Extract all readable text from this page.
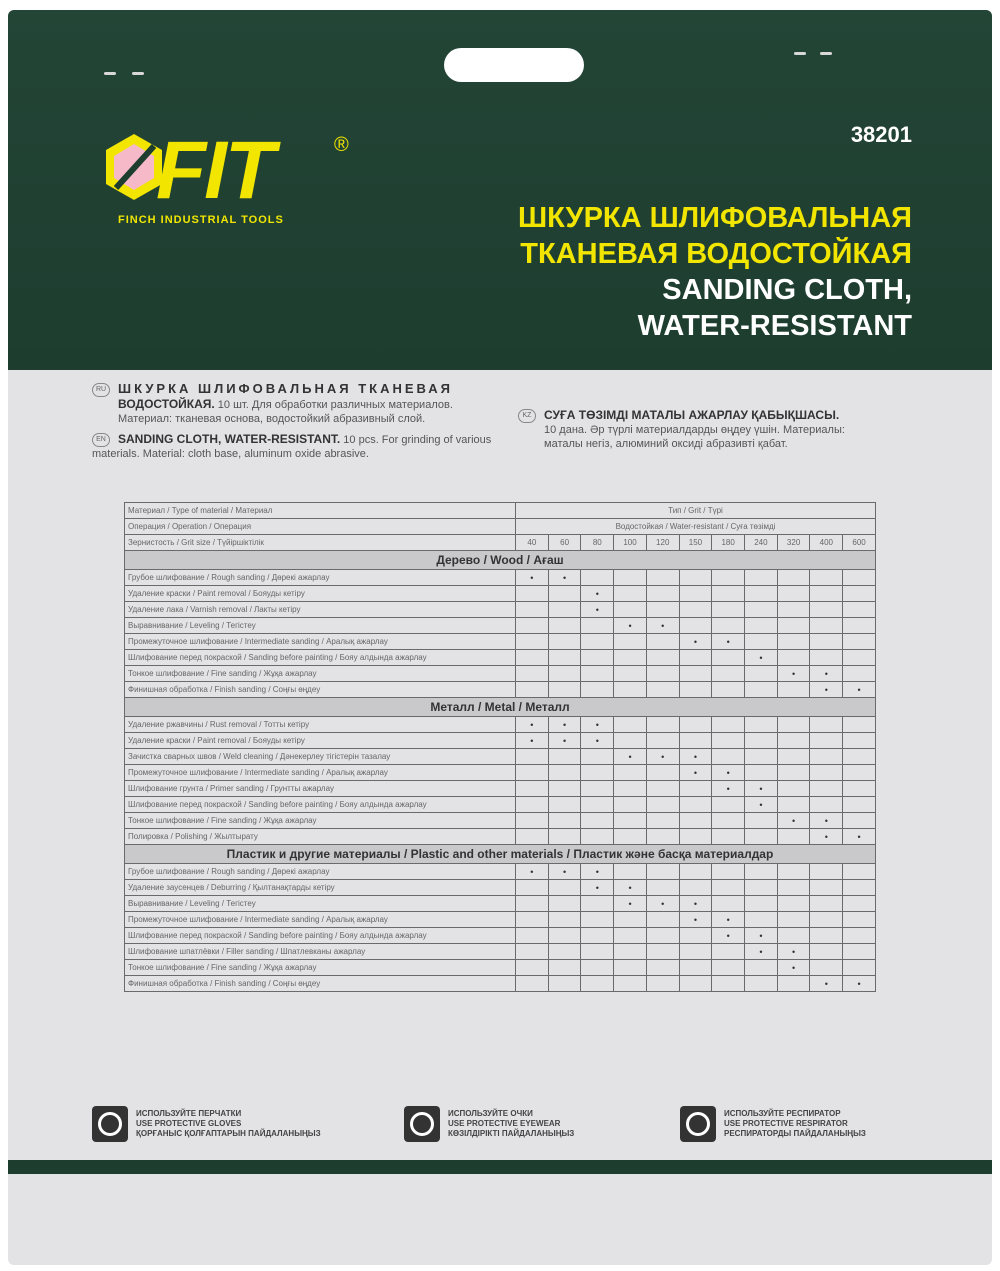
38201
FIT	®
FINCH INDUSTRIAL TOOLS	ШКУРКА ШЛИФОВАЛЬНАЯ
ТКАНЕВАЯ ВОДОСТОЙКАЯ
SANDING CLOTH,
WATER-RESISTANT
RU ШКУРКА ШЛИФОВАЛЬНАЯ ТКАНЕВАЯ
ВОДОСТОЙКАЯ. 10 шт. Для обработки различных материалов. Материал: тканевая основа, водостойкий абразивный слой.
EN SANDING CLOTH, WATER-RESISTANT. 10 pcs. For grinding of various materials. Material: cloth base, aluminum oxide abrasive.
KZ СУҒА ТӨЗІМДІ МАТАЛЫ АЖАРЛАУ ҚАБЫҚШАСЫ.
10 дана. Әр түрлі материалдарды өңдеу үшін. Материалы: маталы негіз, алюминий оксиді абразивті қабат.
Материал / Type of material / Материал	Тип / Grit / Түрі										
Операция / Operation / Операция	Водостойкая / Water-resistant / Суға төзімді										
Зернистость / Grit size / Түйіршіктілік	40	60	80	100	120	150	180	240	320	400	600
Дерево / Wood / Ағаш											
Грубое шлифование / Rough sanding / Дөрекі ажарлау	•	•									
Удаление краски / Paint removal / Бояуды кетіру			•								
Удаление лака / Varnish removal / Лакты кетіру			•								
Выравнивание / Leveling / Тегістеу				•	•						
Промежуточное шлифование / Intermediate sanding / Аралық ажарлау						•	•				
Шлифование перед покраской / Sanding before painting / Бояу алдында ажарлау								•			
Тонкое шлифование / Fine sanding / Жұқа ажарлау									•	•	
Финишная обработка / Finish sanding / Соңғы өңдеу										•	•
Металл / Metal / Металл											
Удаление ржавчины / Rust removal / Тотты кетіру	•	•	•								
Удаление краски / Paint removal / Бояуды кетіру	•	•	•								
Зачистка сварных швов / Weld cleaning / Дәнекерлеу тігістерін тазалау				•	•	•					
Промежуточное шлифование / Intermediate sanding / Аралық ажарлау						•	•				
Шлифование грунта / Primer sanding / Грунтты ажарлау							•	•			
Шлифование перед покраской / Sanding before painting / Бояу алдында ажарлау								•			
Тонкое шлифование / Fine sanding / Жұқа ажарлау									•	•	
Полировка / Polishing / Жылтырату										•	•
Пластик и другие материалы / Plastic and other materials / Пластик және басқа материалдар											
Грубое шлифование / Rough sanding / Дөрекі ажарлау	•	•	•								
Удаление заусенцев / Deburring / Қылтанақтарды кетіру			•	•							
Выравнивание / Leveling / Тегістеу				•	•	•					
Промежуточное шлифование / Intermediate sanding / Аралық ажарлау						•	•				
Шлифование перед покраской / Sanding before painting / Бояу алдында ажарлау							•	•			
Шлифование шпатлёвки / Filler sanding / Шпатлевканы ажарлау								•	•		
Тонкое шлифование / Fine sanding / Жұқа ажарлау									•		
Финишная обработка / Finish sanding / Соңғы өңдеу										•	•
ИСПОЛЬЗУЙТЕ ПЕРЧАТКИ
USE PROTECTIVE GLOVES
ҚОРҒАНЫС ҚОЛҒАПТАРЫН ПАЙДАЛАНЫҢЫЗ
ИСПОЛЬЗУЙТЕ ОЧКИ
USE PROTECTIVE EYEWEAR
КӨЗІЛДІРІКТІ ПАЙДАЛАНЫҢЫЗ
ИСПОЛЬЗУЙТЕ РЕСПИРАТОР
USE PROTECTIVE RESPIRATOR
РЕСПИРАТОРДЫ ПАЙДАЛАНЫҢЫЗ
